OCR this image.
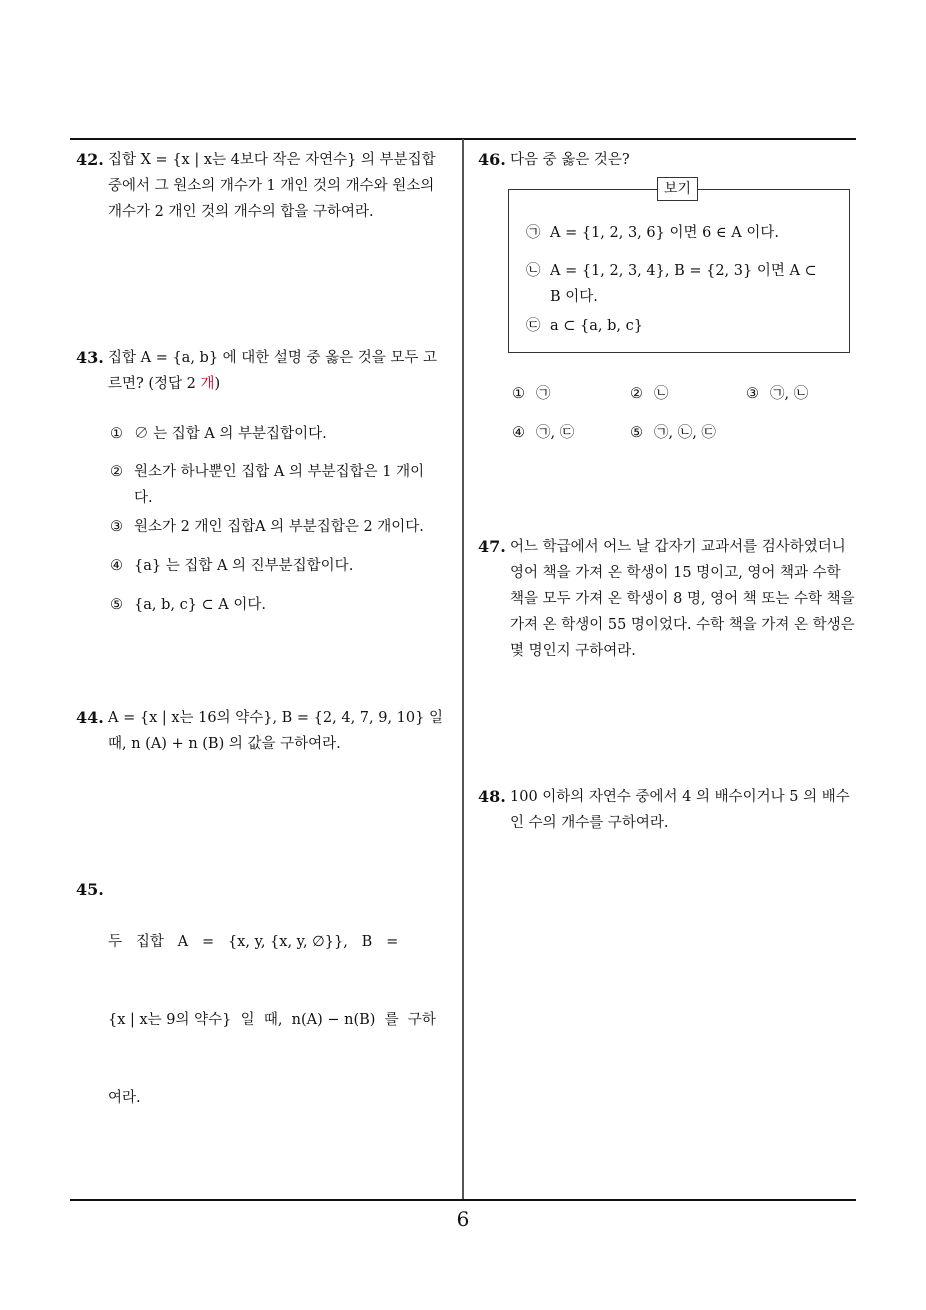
42. 집합 X = {x | x는 4보다 작은 자연수} 의 부분집합
중에서 그 원소의 개수가 1 개인 것의 개수와 원소의
개수가 2 개인 것의 개수의 합을 구하여라.
43. 집합 A = {a, b} 에 대한 설명 중 옳은 것을 모두 고
르면? (정답 2 개)
① ∅ 는 집합 A 의 부분집합이다.
② 원소가 하나뿐인 집합 A 의 부분집합은 1 개이
다.
③ 원소가 2 개인 집합A 의 부분집합은 2 개이다.
④ {a} 는 집합 A 의 진부분집합이다.
⑤ {a, b, c} ⊂ A 이다.
44. A = {x | x는 16의 약수}, B = {2, 4, 7, 9, 10} 일
때, n (A) + n (B) 의 값을 구하여라.
45.

두   집합   A   =   {x, y, {x, y, ∅}},   B   =

{x | x는 9의 약수}  일  때,  n(A) − n(B)  를  구하

여라.

46. 다음 중 옳은 것은?
보기
㉠ A = {1, 2, 3, 6} 이면 6 ∈ A 이다.
㉡ A = {1, 2, 3, 4}, B = {2, 3} 이면 A ⊂
B 이다.
㉢ a ⊂ {a, b, c}
① ㉠	② ㉡	③ ㉠, ㉡
④ ㉠, ㉢	⑤ ㉠, ㉡, ㉢
47. 어느 학급에서 어느 날 갑자기 교과서를 검사하였더니
영어 책을 가져 온 학생이 15 명이고, 영어 책과 수학
책을 모두 가져 온 학생이 8 명, 영어 책 또는 수학 책을
가져 온 학생이 55 명이었다. 수학 책을 가져 온 학생은
몇 명인지 구하여라.
48. 100 이하의 자연수 중에서 4 의 배수이거나 5 의 배수
인 수의 개수를 구하여라.
6
